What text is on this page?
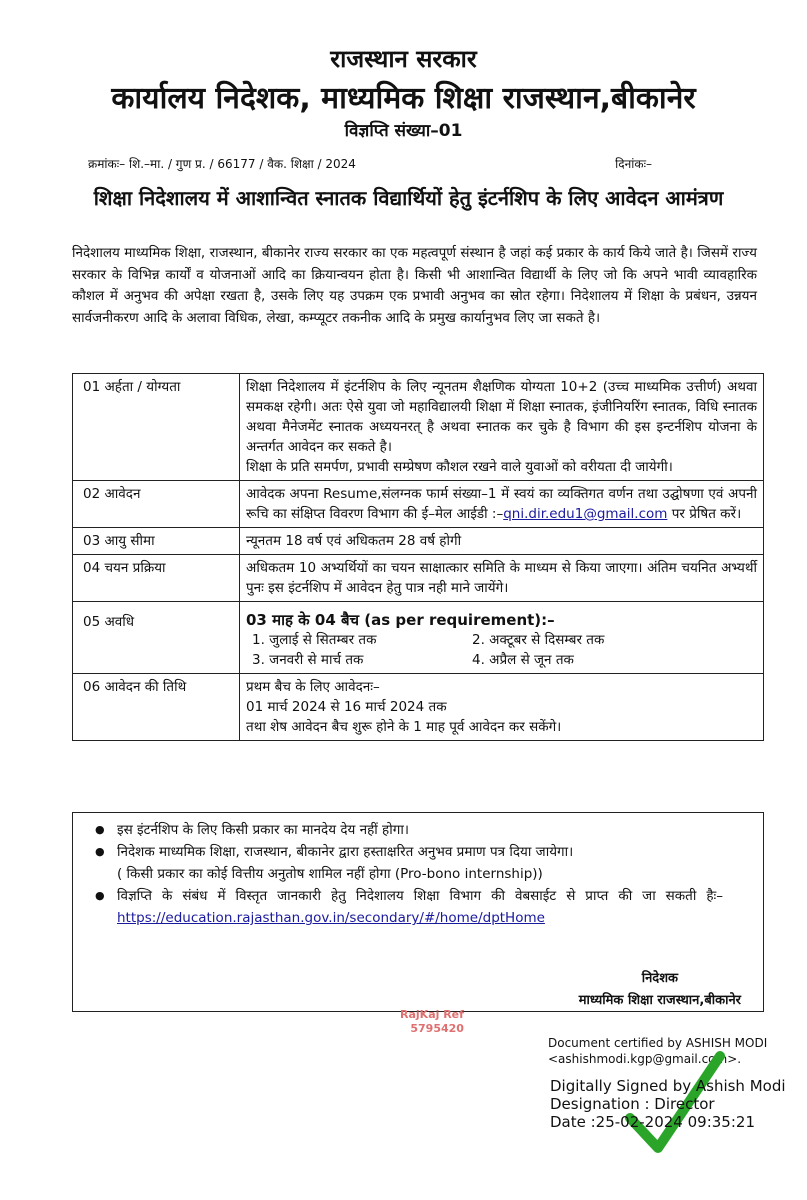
राजस्थान सरकार
कार्यालय निदेशक, माध्यमिक शिक्षा राजस्थान,बीकानेर
विज्ञप्ति संख्या–01
क्रमांकः– शि.–मा. / गुण प्र. / 66177 / वैक. शिक्षा / 2024	दिनांकः–
शिक्षा निदेशालय में आशान्वित स्नातक विद्यार्थियों हेतु इंटर्नशिप के लिए आवेदन आमंत्रण
निदेशालय माध्यमिक शिक्षा, राजस्थान, बीकानेर राज्य सरकार का एक महत्वपूर्ण संस्थान है जहां कई प्रकार के कार्य किये जाते है। जिसमें राज्य सरकार के विभिन्न कार्यों व योजनाओं आदि का क्रियान्वयन होता है। किसी भी आशान्वित विद्यार्थी के लिए जो कि अपने भावी व्यावहारिक कौशल में अनुभव की अपेक्षा रखता है, उसके लिए यह उपक्रम एक प्रभावी अनुभव का स्रोत रहेगा। निदेशालय में शिक्षा के प्रबंधन, उन्नयन सार्वजनीकरण आदि के अलावा विधिक, लेखा, कम्प्यूटर तकनीक आदि के प्रमुख कार्यानुभव लिए जा सकते है।
01 अर्हता / योग्यता	शिक्षा निदेशालय में इंटर्नशिप के लिए न्यूनतम शैक्षणिक योग्यता 10+2 (उच्च माध्यमिक उत्तीर्ण) अथवा समकक्ष रहेगी। अतः ऐसे युवा जो महाविद्यालयी शिक्षा में शिक्षा स्नातक, इंजीनियरिंग स्नातक, विधि स्नातक अथवा मैनेजमेंट स्नातक अध्ययनरत् है अथवा स्नातक कर चुके है विभाग की इस इन्टर्नशिप योजना के अन्तर्गत आवेदन कर सकते है।
शिक्षा के प्रति समर्पण, प्रभावी सम्प्रेषण कौशल रखने वाले युवाओं को वरीयता दी जायेगी।

02 आवेदन	आवेदक अपना Resume,संलग्नक फार्म संख्या–1 में स्वयं का व्यक्तिगत वर्णन तथा उद्घोषणा एवं अपनी रूचि का संक्षिप्त विवरण विभाग की ई–मेल आईडी :–qni.dir.edu1@gmail.com पर प्रेषित करें।
03 आयु सीमा	न्यूनतम 18 वर्ष एवं अधिकतम 28 वर्ष होगी
04 चयन प्रक्रिया	अधिकतम 10 अभ्यर्थियों का चयन साक्षात्कार समिति के माध्यम से किया जाएगा। अंतिम चयनित अभ्यर्थी पुनः इस इंटर्नशिप में आवेदन हेतु पात्र नही माने जायेंगे।
05 अवधि	03 माह के 04 बैच (as per requirement):–
1. जुलाई से सितम्बर तक 2. अक्टूबर से दिसम्बर तक
3. जनवरी से मार्च तक 4. अप्रैल से जून तक

06 आवेदन की तिथि	प्रथम बैच के लिए आवेदनः–
01 मार्च 2024 से 16 मार्च 2024 तक
तथा शेष आवेदन बैच शुरू होने के 1 माह पूर्व आवेदन कर सकेंगे।
● इस इंटर्नशिप के लिए किसी प्रकार का मानदेय देय नहीं होगा।
● निदेशक माध्यमिक शिक्षा, राजस्थान, बीकानेर द्वारा हस्ताक्षरित अनुभव प्रमाण पत्र दिया जायेगा।
( किसी प्रकार का कोई वित्तीय अनुतोष शामिल नहीं होगा (Pro-bono internship))
● विज्ञप्ति के संबंध में विस्तृत जानकारी हेतु निदेशालय शिक्षा विभाग की वेबसाईट से प्राप्त की जा सकती हैः– https://education.rajasthan.gov.in/secondary/#/home/dptHome
निदेशक
माध्यमिक शिक्षा राजस्थान,बीकानेर
RajKaj Ref
5795420
Document certified by ASHISH MODI
<ashishmodi.kgp@gmail.com>.
Digitally Signed by Ashish Modi
Designation : Director
Date :25-02-2024 09:35:21
